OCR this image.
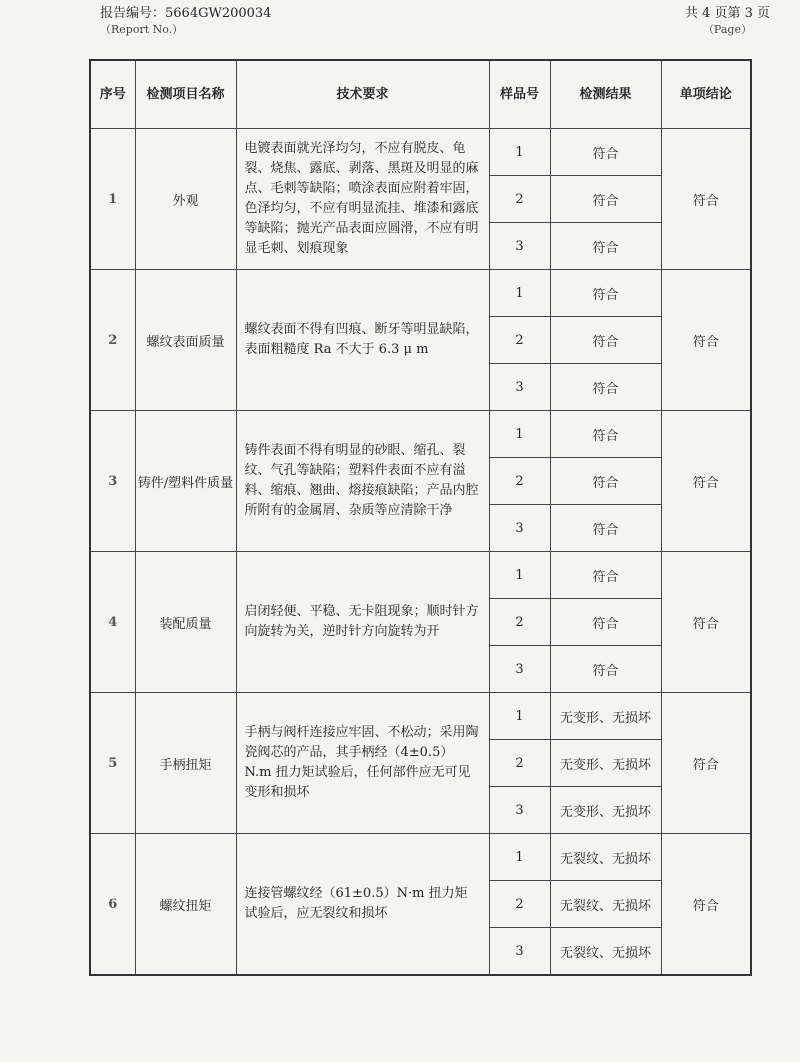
报告编号：5664GW200034
（Report No.）
共 4 页第 3 页
（Page）
序号	检测项目名称	技术要求	样品号	检测结果	单项结论
1	外观	电镀表面就光泽均匀，不应有脱皮、龟裂、烧焦、露底、剥落、黑斑及明显的麻点、毛刺等缺陷；喷涂表面应附着牢固，色泽均匀，不应有明显流挂、堆漆和露底等缺陷；抛光产品表面应圆滑，不应有明显毛刺、划痕现象	1	符合	符合
			2	符合	
			3	符合	
2	螺纹表面质量	螺纹表面不得有凹痕、断牙等明显缺陷，表面粗糙度 Ra 不大于 6.3 μ m	1	符合	符合
			2	符合	
			3	符合	
3	铸件/塑料件质量	铸件表面不得有明显的砂眼、缩孔、裂纹、气孔等缺陷；塑料件表面不应有溢料、缩痕、翘曲、熔接痕缺陷；产品内腔所附有的金属屑、杂质等应清除干净	1	符合	符合
			2	符合	
			3	符合	
4	装配质量	启闭轻便、平稳、无卡阻现象；顺时针方向旋转为关，逆时针方向旋转为开	1	符合	符合
			2	符合	
			3	符合	
5	手柄扭矩	手柄与阀杆连接应牢固、不松动；采用陶瓷阀芯的产品，其手柄经（4±0.5）N.m 扭力矩试验后，任何部件应无可见变形和损坏	1	无变形、无损坏	符合
			2	无变形、无损坏	
			3	无变形、无损坏	
6	螺纹扭矩	连接管螺纹经（61±0.5）N·m 扭力矩试验后，应无裂纹和损坏	1	无裂纹、无损坏	符合
			2	无裂纹、无损坏	
			3	无裂纹、无损坏	
